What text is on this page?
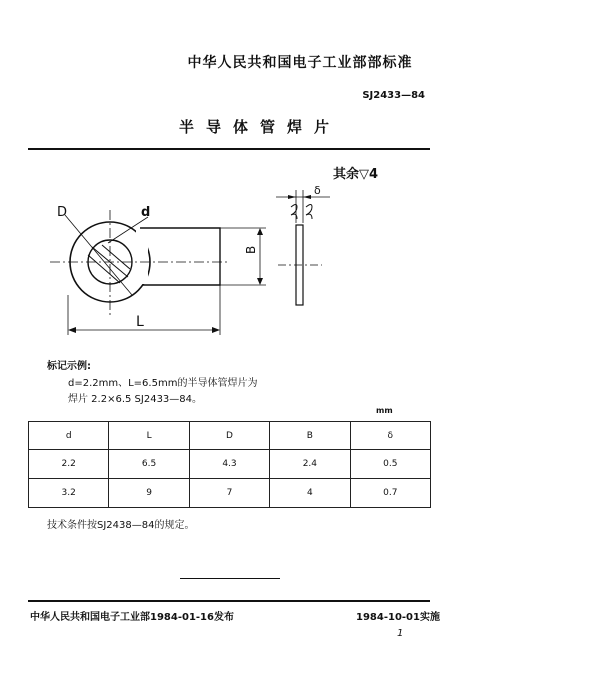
中华人民共和国电子工业部部标准
SJ2433—84
半导体管焊片
其余▽4
D	d
B
L
δ
标记示例:
d=2.2mm、L=6.5mm的半导体管焊片为
焊片 2.2×6.5 SJ2433—84。
mm
d	L	D	B	δ
2.2	6.5	4.3	2.4	0.5
3.2	9	7	4	0.7
技术条件按SJ2438—84的规定。
中华人民共和国电子工业部1984-01-16发布	1984-10-01实施
1
